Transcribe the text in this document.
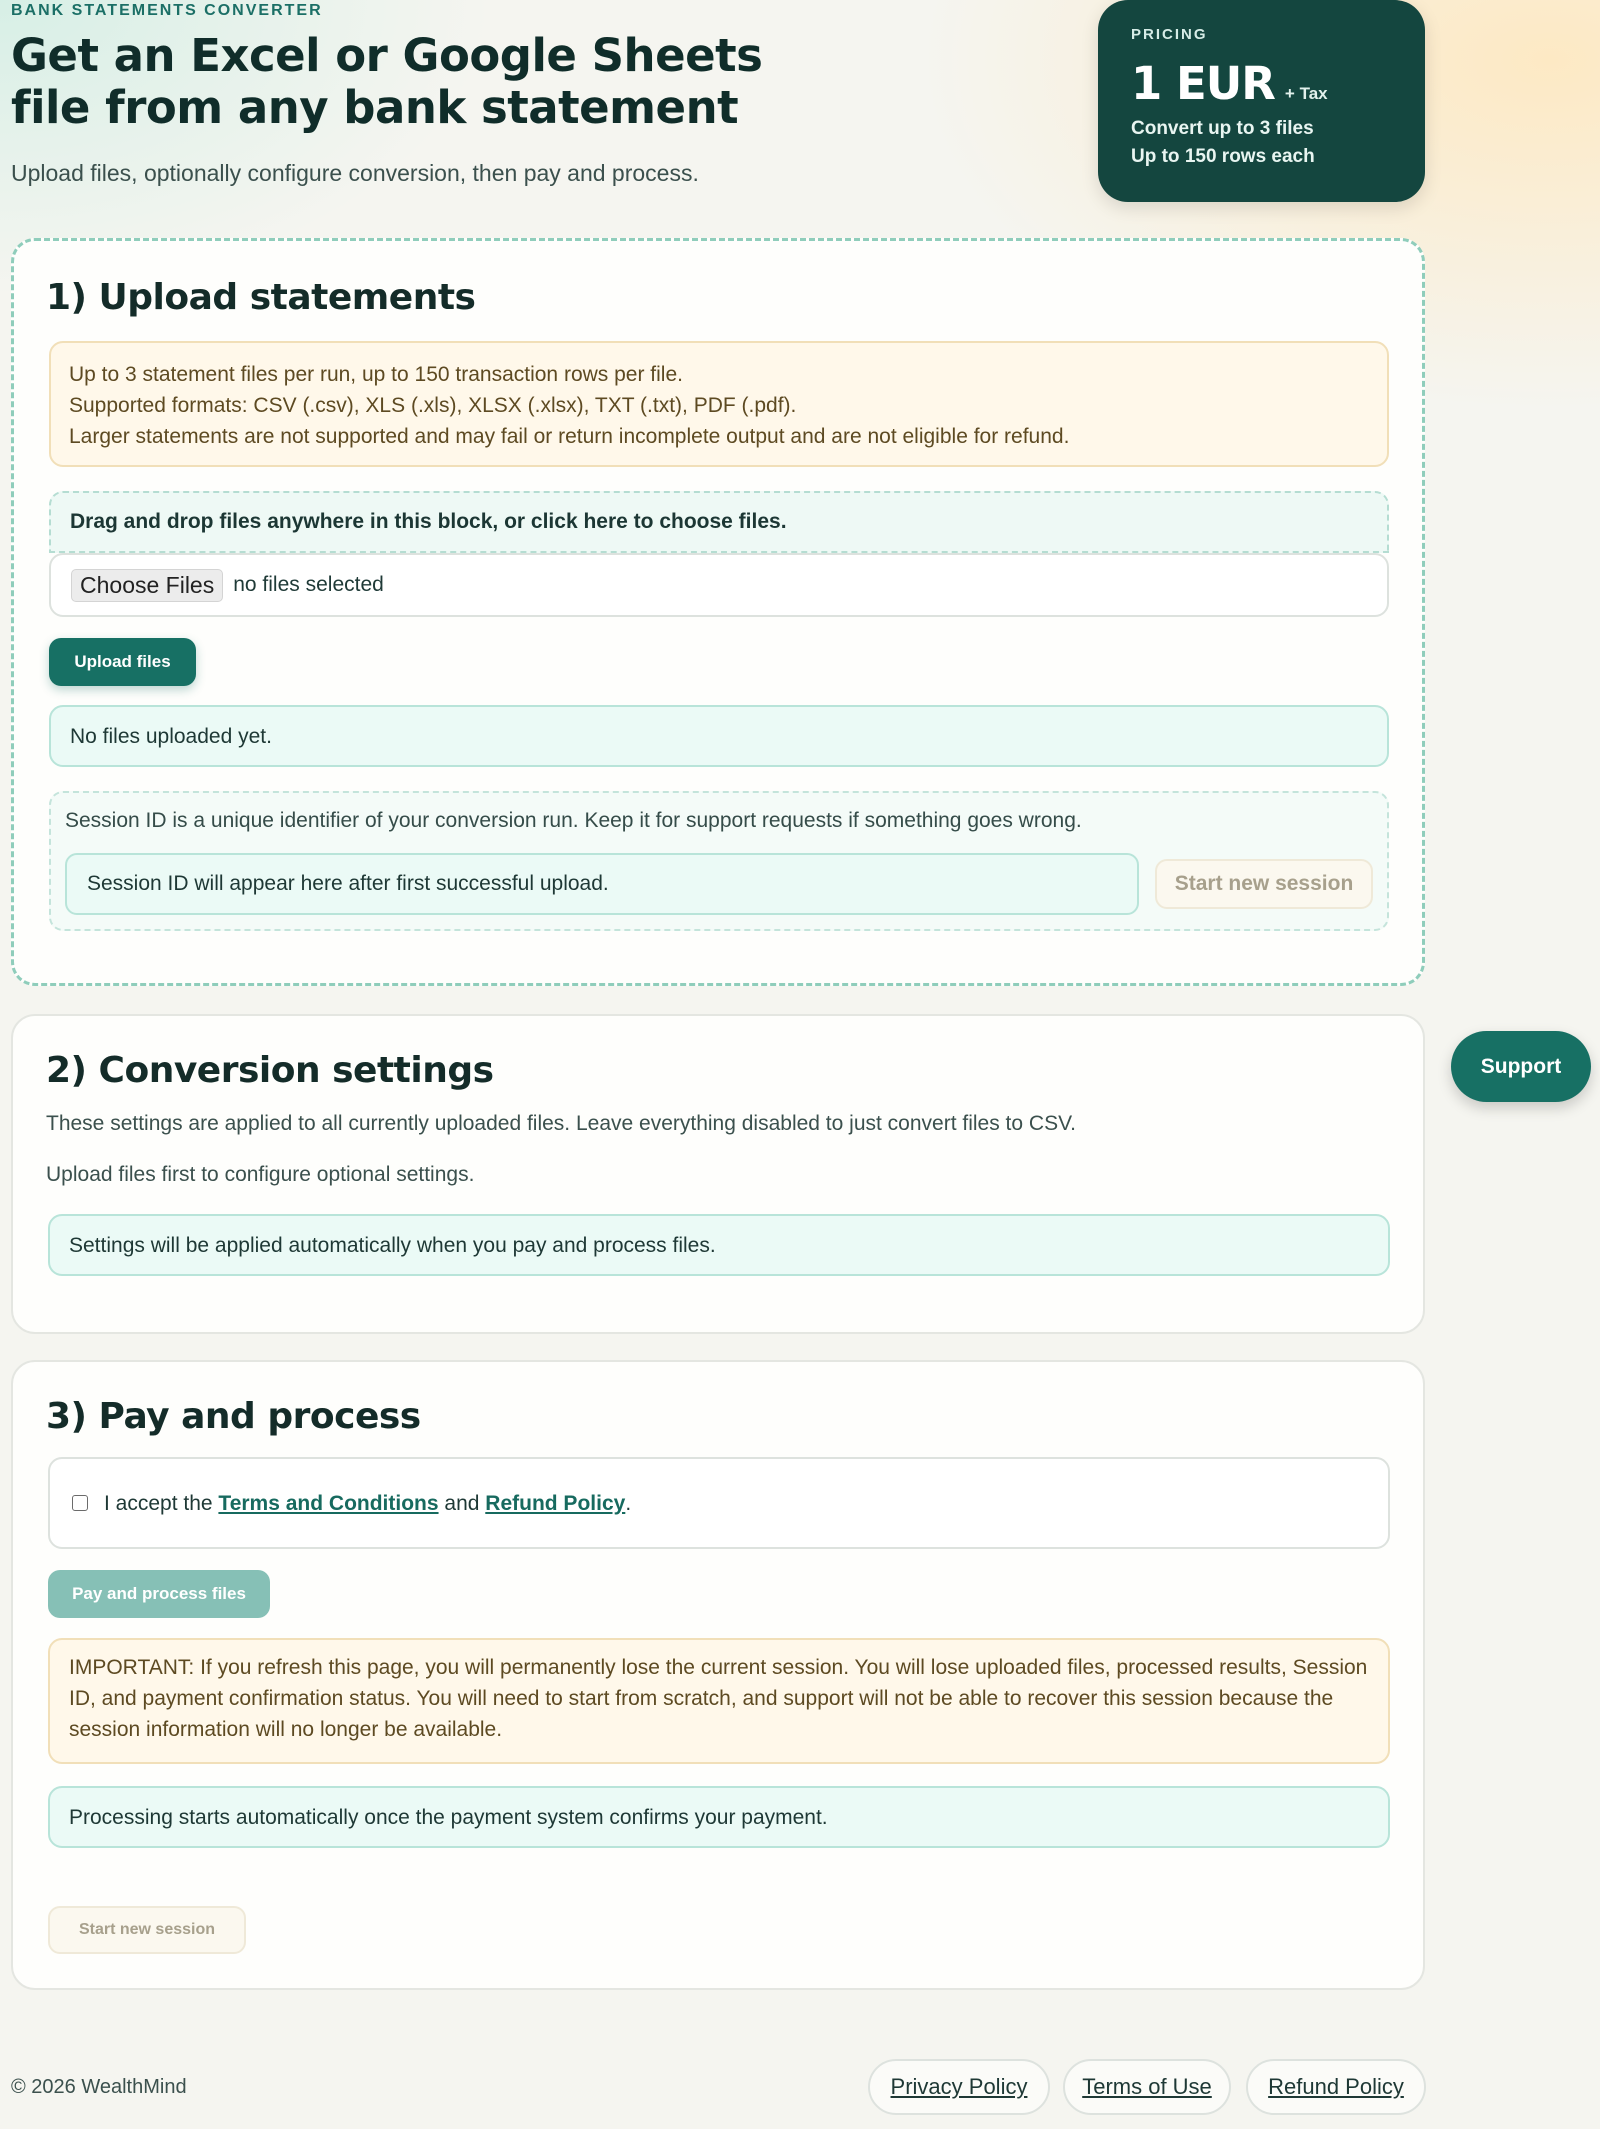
BANK STATEMENTS CONVERTER
Get an Excel or Google Sheets file from any bank statement

Upload files, optionally configure conversion, then pay and process.

PRICING
1 EUR + Tax
Convert up to 3 files
Up to 150 rows each
1) Upload statements
Up to 3 statement files per run, up to 150 transaction rows per file.
Supported formats: CSV (.csv), XLS (.xls), XLSX (.xlsx), TXT (.txt), PDF (.pdf).
Larger statements are not supported and may fail or return incomplete output and are not eligible for refund.
Drag and drop files anywhere in this block, or click here to choose files.
Choose Files no files selected
Upload files
No files uploaded yet.
Session ID is a unique identifier of your conversion run. Keep it for support requests if something goes wrong.
Session ID will appear here after first successful upload.	Start new session
2) Conversion settings

These settings are applied to all currently uploaded files. Leave everything disabled to just convert files to CSV.

Upload files first to configure optional settings.

Settings will be applied automatically when you pay and process files.
3) Pay and process
I accept the
Terms and Conditions
and
Refund Policy .
Pay and process files
IMPORTANT: If you refresh this page, you will permanently lose the current session. You will lose uploaded files, processed results, Session ID, and payment confirmation status. You will need to start from scratch, and support will not be able to recover this session because the session information will no longer be available.
Processing starts automatically once the payment system confirms your payment.
Start new session
Support
© 2026 WealthMind	Privacy Policy	Terms of Use	Refund Policy
